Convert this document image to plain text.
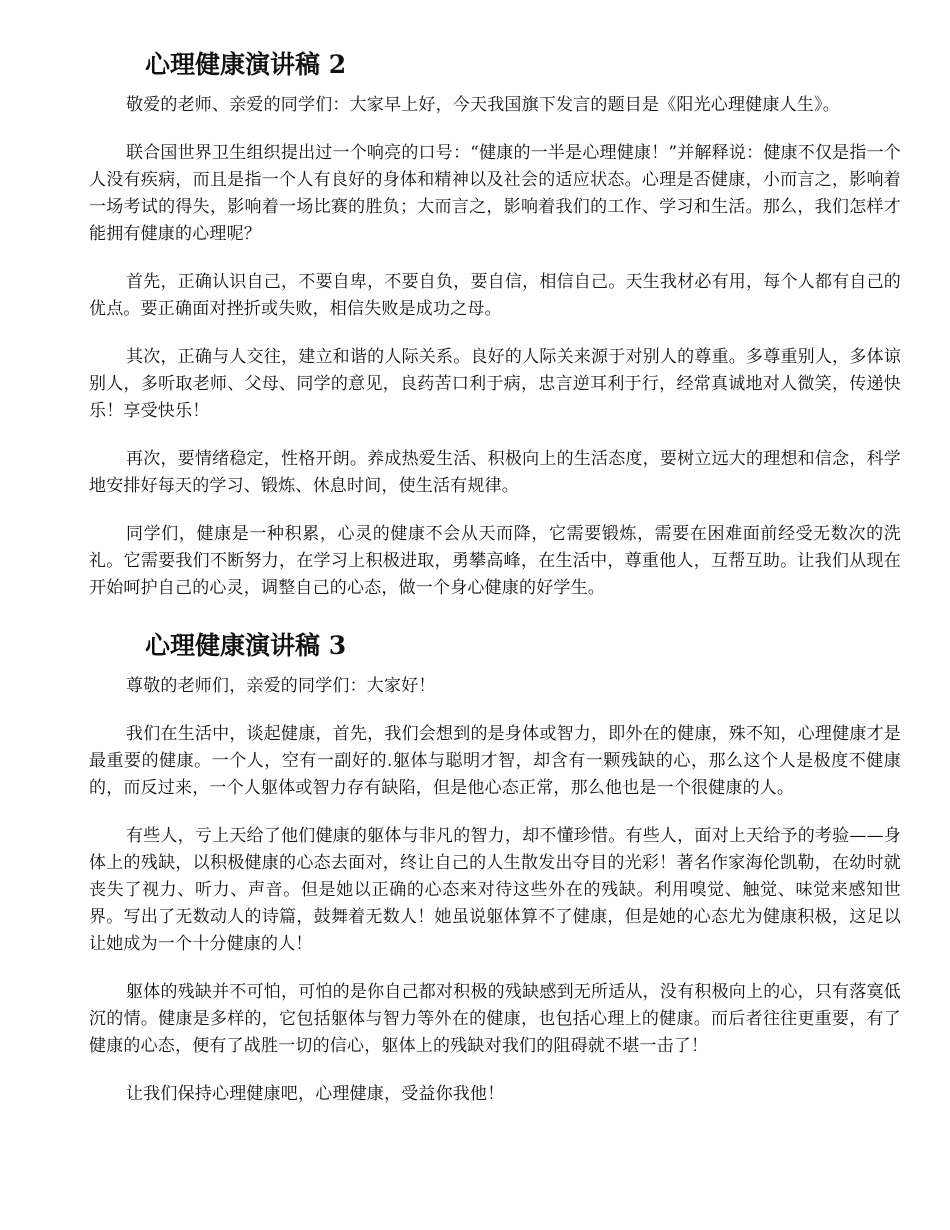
心理健康演讲稿 2

敬爱的老师、亲爱的同学们：大家早上好，今天我国旗下发言的题目是《阳光心理健康人生》。

联合国世界卫生组织提出过一个响亮的口号：“健康的一半是心理健康！”并解释说：健康不仅是指一个人没有疾病，而且是指一个人有良好的身体和精神以及社会的适应状态。心理是否健康，小而言之，影响着一场考试的得失，影响着一场比赛的胜负；大而言之，影响着我们的工作、学习和生活。那么，我们怎样才能拥有健康的心理呢？

首先，正确认识自己，不要自卑，不要自负，要自信，相信自己。天生我材必有用，每个人都有自己的优点。要正确面对挫折或失败，相信失败是成功之母。

其次，正确与人交往，建立和谐的人际关系。良好的人际关来源于对别人的尊重。多尊重别人，多体谅别人，多听取老师、父母、同学的意见，良药苦口利于病，忠言逆耳利于行，经常真诚地对人微笑，传递快乐！享受快乐！

再次，要情绪稳定，性格开朗。养成热爱生活、积极向上的生活态度，要树立远大的理想和信念，科学地安排好每天的学习、锻炼、休息时间，使生活有规律。

同学们，健康是一种积累，心灵的健康不会从天而降，它需要锻炼，需要在困难面前经受无数次的洗礼。它需要我们不断努力，在学习上积极进取，勇攀高峰，在生活中，尊重他人，互帮互助。让我们从现在开始呵护自己的心灵，调整自己的心态，做一个身心健康的好学生。

心理健康演讲稿 3

尊敬的老师们，亲爱的同学们：大家好！

我们在生活中，谈起健康，首先，我们会想到的是身体或智力，即外在的健康，殊不知，心理健康才是最重要的健康。一个人，空有一副好的.躯体与聪明才智，却含有一颗残缺的心，那么这个人是极度不健康的，而反过来，一个人躯体或智力存有缺陷，但是他心态正常，那么他也是一个很健康的人。

有些人，亏上天给了他们健康的躯体与非凡的智力，却不懂珍惜。有些人，面对上天给予的考验——身体上的残缺，以积极健康的心态去面对，终让自己的人生散发出夺目的光彩！著名作家海伦凯勒，在幼时就丧失了视力、听力、声音。但是她以正确的心态来对待这些外在的残缺。利用嗅觉、触觉、味觉来感知世界。写出了无数动人的诗篇，鼓舞着无数人！她虽说躯体算不了健康，但是她的心态尤为健康积极，这足以让她成为一个十分健康的人！

躯体的残缺并不可怕，可怕的是你自己都对积极的残缺感到无所适从，没有积极向上的心，只有落寞低沉的情。健康是多样的，它包括躯体与智力等外在的健康，也包括心理上的健康。而后者往往更重要，有了健康的心态，便有了战胜一切的信心，躯体上的残缺对我们的阻碍就不堪一击了！

让我们保持心理健康吧，心理健康，受益你我他！
